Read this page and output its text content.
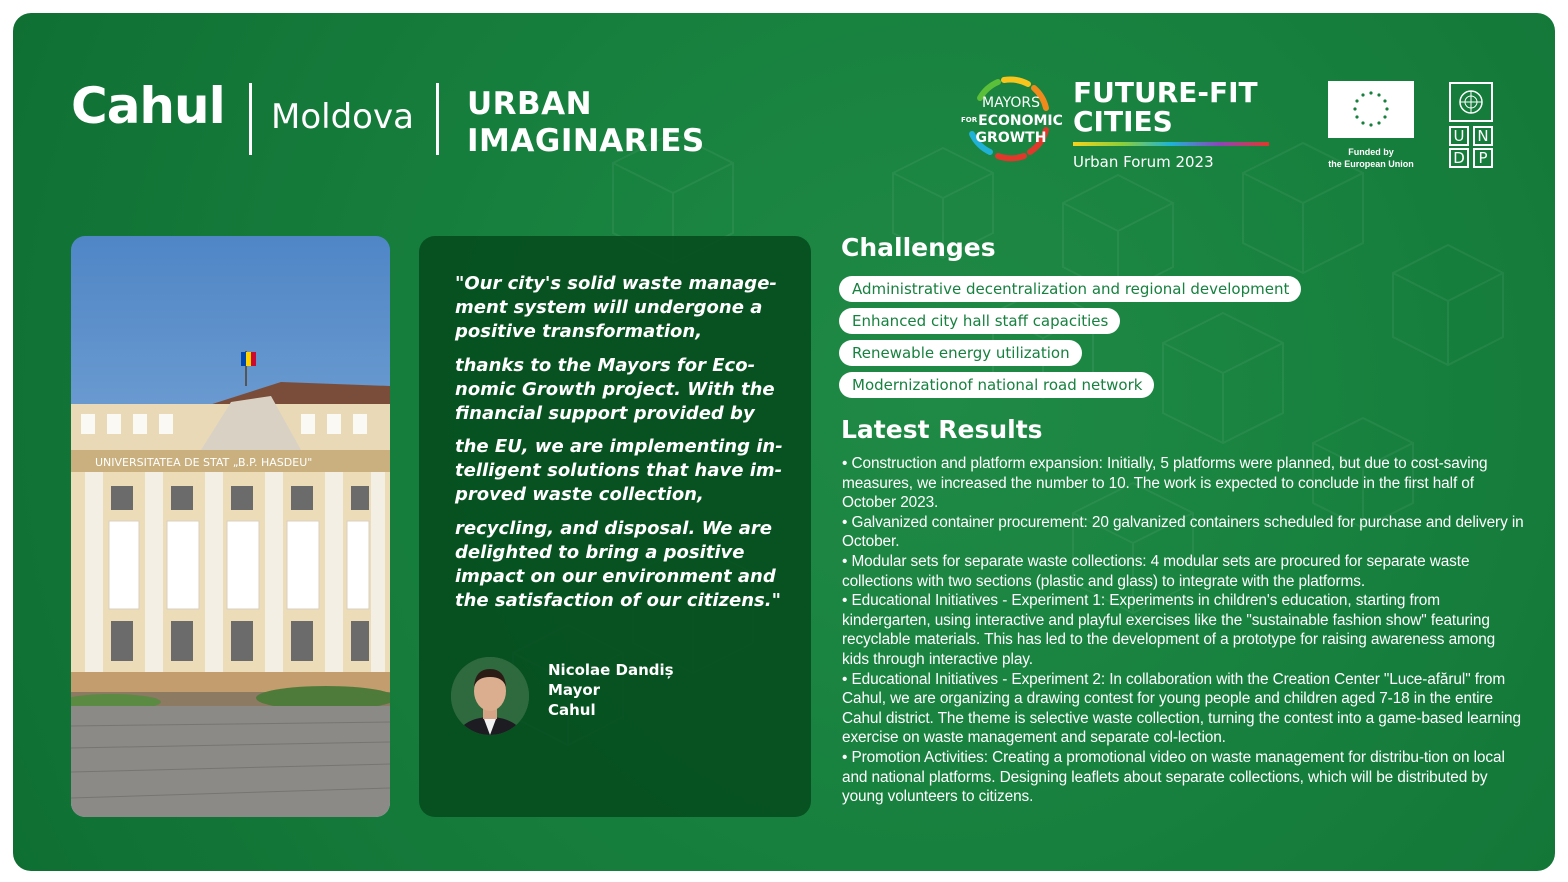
Cahul Moldova URBAN
IMAGINARIES
MAYORS
$^{FOR}$ECONOMIC
GROWTH
FUTURE-FIT
CITIES
Urban Forum 2023
Funded by
the European Union
U N
D P
UNIVERSITATEA DE STAT „B.P. HASDEU"

"Our city's solid waste manage-ment system will undergone a positive transformation,

thanks to the Mayors for Eco-nomic Growth project. With the financial support provided by

the EU, we are implementing in-telligent solutions that have im-proved waste collection,

recycling, and disposal. We are delighted to bring a positive impact on our environment and the satisfaction of our citizens."

Nicolae Dandiș
Mayor
Cahul
Challenges
Administrative decentralization and regional development
Enhanced city hall staff capacities
Renewable energy utilization
Modernizationof national road network
Latest Results

• Construction and platform expansion: Initially, 5 platforms were planned, but due to cost-saving measures, we increased the number to 10. The work is expected to conclude in the first half of October 2023.

• Galvanized container procurement: 20 galvanized containers scheduled for purchase and delivery in October.

• Modular sets for separate waste collections: 4 modular sets are procured for separate waste collections with two sections (plastic and glass) to integrate with the platforms.

• Educational Initiatives - Experiment 1: Experiments in children's education, starting from kindergarten, using interactive and playful exercises like the "sustainable fashion show" featuring recyclable materials. This has led to the development of a prototype for raising awareness among kids through interactive play.

• Educational Initiatives - Experiment 2: In collaboration with the Creation Center "Luce-afărul" from Cahul, we are organizing a drawing contest for young people and children aged 7-18 in the entire Cahul district. The theme is selective waste collection, turning the contest into a game-based learning exercise on waste management and separate col-lection.

• Promotion Activities: Creating a promotional video on waste management for distribu-tion on local and national platforms. Designing leaflets about separate collections, which will be distributed by young volunteers to citizens.
